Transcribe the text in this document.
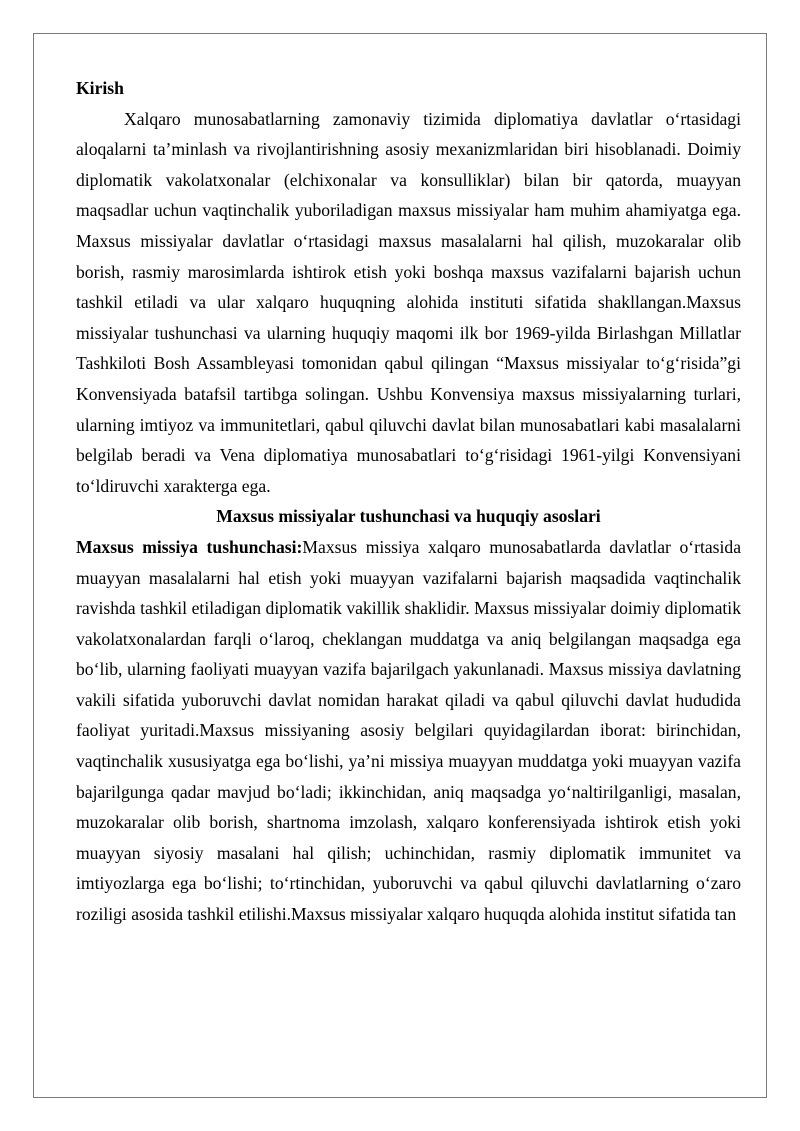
Kirish

Xalqaro munosabatlarning zamonaviy tizimida diplomatiya davlatlar o‘rtasidagi aloqalarni ta’minlash va rivojlantirishning asosiy mexanizmlaridan biri hisoblanadi. Doimiy diplomatik vakolatxonalar (elchixonalar va konsulliklar) bilan bir qatorda, muayyan maqsadlar uchun vaqtinchalik yuboriladigan maxsus missiyalar ham muhim ahamiyatga ega. Maxsus missiyalar davlatlar o‘rtasidagi maxsus masalalarni hal qilish, muzokaralar olib borish, rasmiy marosimlarda ishtirok etish yoki boshqa maxsus vazifalarni bajarish uchun tashkil etiladi va ular xalqaro huquqning alohida instituti sifatida shakllangan.Maxsus missiyalar tushunchasi va ularning huquqiy maqomi ilk bor 1969-yilda Birlashgan Millatlar Tashkiloti Bosh Assambleyasi tomonidan qabul qilingan “Maxsus missiyalar to‘g‘risida”gi Konvensiyada batafsil tartibga solingan. Ushbu Konvensiya maxsus missiyalarning turlari, ularning imtiyoz va immunitetlari, qabul qiluvchi davlat bilan munosabatlari kabi masalalarni belgilab beradi va Vena diplomatiya munosabatlari to‘g‘risidagi 1961-yilgi Konvensiyani to‘ldiruvchi xarakterga ega.

Maxsus missiyalar tushunchasi va huquqiy asoslari

Maxsus missiya tushunchasi:Maxsus missiya xalqaro munosabatlarda davlatlar o‘rtasida muayyan masalalarni hal etish yoki muayyan vazifalarni bajarish maqsadida vaqtinchalik ravishda tashkil etiladigan diplomatik vakillik shaklidir. Maxsus missiyalar doimiy diplomatik vakolatxonalardan farqli o‘laroq, cheklangan muddatga va aniq belgilangan maqsadga ega bo‘lib, ularning faoliyati muayyan vazifa bajarilgach yakunlanadi. Maxsus missiya davlatning vakili sifatida yuboruvchi davlat nomidan harakat qiladi va qabul qiluvchi davlat hududida faoliyat yuritadi.Maxsus missiyaning asosiy belgilari quyidagilardan iborat: birinchidan, vaqtinchalik xususiyatga ega bo‘lishi, ya’ni missiya muayyan muddatga yoki muayyan vazifa bajarilgunga qadar mavjud bo‘ladi; ikkinchidan, aniq maqsadga yo‘naltirilganligi, masalan, muzokaralar olib borish, shartnoma imzolash, xalqaro konferensiyada ishtirok etish yoki muayyan siyosiy masalani hal qilish; uchinchidan, rasmiy diplomatik immunitet va imtiyozlarga ega bo‘lishi; to‘rtinchidan, yuboruvchi va qabul qiluvchi davlatlarning o‘zaro roziligi asosida tashkil etilishi.Maxsus missiyalar xalqaro huquqda alohida institut sifatida tan
